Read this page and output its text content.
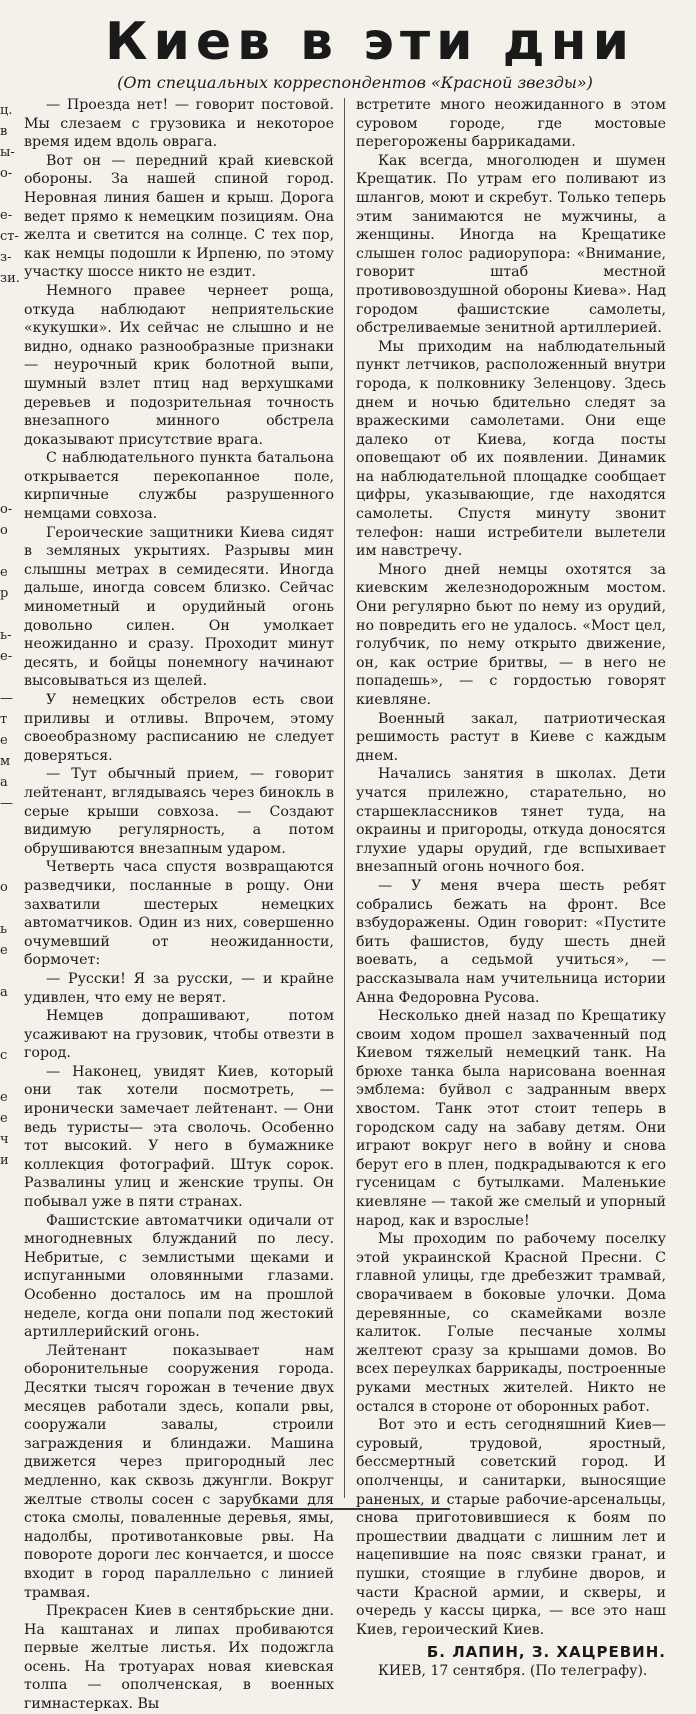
ц.
в
ы-
о-
е-
ст-
з-
зи.
о-
о
е
р
ь-
е-
—
т
е
м
а
—
о
ь
е
а
с
е
е
ч
и
Киев в эти дни
(От специальных корреспондентов «Красной звезды»)

— Проезда нет! — говорит постовой. Мы слезаем с грузовика и некоторое время идем вдоль оврага.

Вот он — передний край киевской обороны. За нашей спиной город. Неровная линия башен и крыш. Дорога ведет прямо к немецким позициям. Она желта и светится на солнце. С тех пор, как немцы подошли к Ирпеню, по этому участку шоссе никто не ездит.

Немного правее чернеет роща, откуда наблюдают неприятельские «кукушки». Их сейчас не слышно и не видно, однако разнообразные признаки — неурочный крик болотной выпи, шумный взлет птиц над верхушками деревьев и подозрительная точность внезапного минного обстрела доказывают присутствие врага.

С наблюдательного пункта батальона открывается перекопанное поле, кирпичные службы разрушенного немцами совхоза.

Героические защитники Киева сидят в земляных укрытиях. Разрывы мин слышны метрах в семидесяти. Иногда дальше, иногда совсем близко. Сейчас минометный и орудийный огонь довольно силен. Он умолкает неожиданно и сразу. Проходит минут десять, и бойцы понемногу начинают высовываться из щелей.

У немецких обстрелов есть свои приливы и отливы. Впрочем, этому своеобразному расписанию не следует доверяться.

— Тут обычный прием, — говорит лейтенант, вглядываясь через бинокль в серые крыши совхоза. — Создают видимую регулярность, а потом обрушиваются внезапным ударом.

Четверть часа спустя возвращаются разведчики, посланные в рощу. Они захватили шестерых немецких автоматчиков. Один из них, совершенно очумевший от неожиданности, бормочет:

— Русски! Я за русски, — и крайне удивлен, что ему не верят.

Немцев допрашивают, потом усаживают на грузовик, чтобы отвезти в город.

— Наконец, увидят Киев, который они так хотели посмотреть, — иронически замечает лейтенант. — Они ведь туристы— эта сволочь. Особенно тот высокий. У него в бумажнике коллекция фотографий. Штук сорок. Развалины улиц и женские трупы. Он побывал уже в пяти странах.

Фашистские автоматчики одичали от многодневных блужданий по лесу. Небритые, с землистыми щеками и испуганными оловянными глазами. Особенно досталось им на прошлой неделе, когда они попали под жестокий артиллерийский огонь.

Лейтенант показывает нам оборонительные сооружения города. Десятки тысяч горожан в течение двух месяцев работали здесь, копали рвы, сооружали завалы, строили заграждения и блиндажи. Машина движется через пригородный лес медленно, как сквозь джунгли. Вокруг желтые стволы сосен с зарубками для стока смолы, поваленные деревья, ямы, надолбы, противотанковые рвы. На повороте дороги лес кончается, и шоссе входит в город параллельно с линией трамвая.

Прекрасен Киев в сентябрьские дни. На каштанах и липах пробиваются первые желтые листья. Их подожгла осень. На тротуарах новая киевская толпа — ополченская, в военных гимнастерках. Вы

встретите много неожиданного в этом суровом городе, где мостовые перегорожены баррикадами.

Как всегда, многолюден и шумен Крещатик. По утрам его поливают из шлангов, моют и скребут. Только теперь этим занимаются не мужчины, а женщины. Иногда на Крещатике слышен голос радиорупора: «Внимание, говорит штаб местной противовоздушной обороны Киева». Над городом фашистские самолеты, обстреливаемые зенитной артиллерией.

Мы приходим на наблюдательный пункт летчиков, расположенный внутри города, к полковнику Зеленцову. Здесь днем и ночью бдительно следят за вражескими самолетами. Они еще далеко от Киева, когда посты оповещают об их появлении. Динамик на наблюдательной площадке сообщает цифры, указывающие, где находятся самолеты. Спустя минуту звонит телефон: наши истребители вылетели им навстречу.

Много дней немцы охотятся за киевским железнодорожным мостом. Они регулярно бьют по нему из орудий, но повредить его не удалось. «Мост цел, голубчик, по нему открыто движение, он, как острие бритвы, — в него не попадешь», — с гордостью говорят киевляне.

Военный закал, патриотическая решимость растут в Киеве с каждым днем.

Начались занятия в школах. Дети учатся прилежно, старательно, но старшеклассников тянет туда, на окраины и пригороды, откуда доносятся глухие удары орудий, где вспыхивает внезапный огонь ночного боя.

— У меня вчера шесть ребят собрались бежать на фронт. Все взбудоражены. Один говорит: «Пустите бить фашистов, буду шесть дней воевать, а седьмой учиться», — рассказывала нам учительница истории Анна Федоровна Русова.

Несколько дней назад по Крещатику своим ходом прошел захваченный под Киевом тяжелый немецкий танк. На брюхе танка была нарисована военная эмблема: буйвол с задранным вверх хвостом. Танк этот стоит теперь в городском саду на забаву детям. Они играют вокруг него в войну и снова берут его в плен, подкрадываются к его гусеницам с бутылками. Маленькие киевляне — такой же смелый и упорный народ, как и взрослые!

Мы проходим по рабочему поселку этой украинской Красной Пресни. С главной улицы, где дребезжит трамвай, сворачиваем в боковые улочки. Дома деревянные, со скамейками возле калиток. Голые песчаные холмы желтеют сразу за крышами домов. Во всех переулках баррикады, построенные руками местных жителей. Никто не остался в стороне от оборонных работ.

Вот это и есть сегодняшний Киев—суровый, трудовой, яростный, бессмертный советский город. И ополченцы, и санитарки, выносящие раненых, и старые рабочие-арсенальцы, снова приготовившиеся к боям по прошествии двадцати с лишним лет и нацепившие на пояс связки гранат, и пушки, стоящие в глубине дворов, и части Красной армии, и скверы, и очередь у кассы цирка, — все это наш Киев, героический Киев.

Б. ЛАПИН, З. ХАЦРЕВИН.

КИЕВ, 17 сентября. (По телеграфу).
